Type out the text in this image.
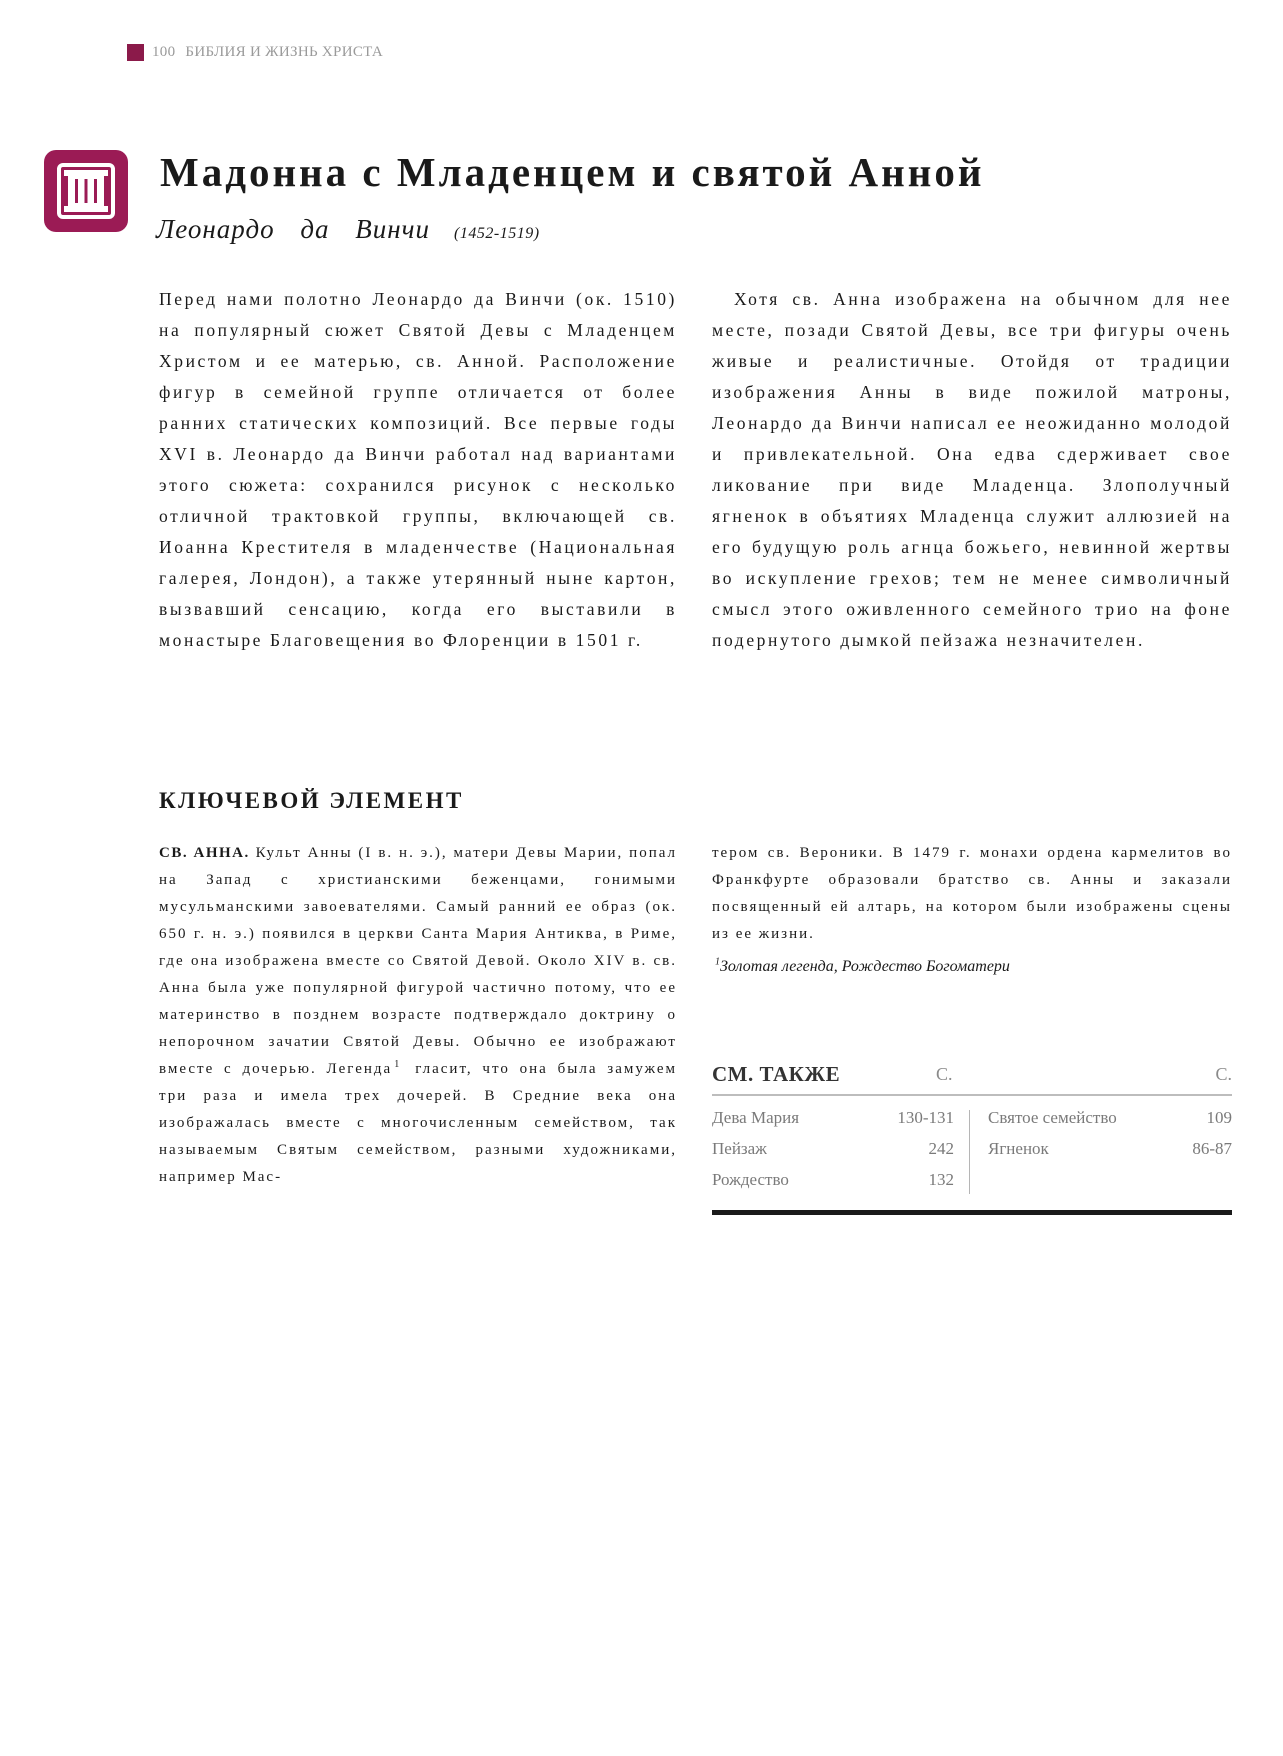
100 БИБЛИЯ И ЖИЗНЬ ХРИСТА
Мадонна с Младенцем и святой Анной
Леонардо да Винчи (1452-1519)

Перед нами полотно Леонардо да Винчи (ок. 1510) на популярный сюжет Святой Девы с Младенцем Христом и ее матерью, св. Анной. Расположение фигур в семейной группе отличается от более ранних статических композиций. Все первые годы XVI в. Леонардо да Винчи работал над вариантами этого сюжета: сохранился рисунок с несколько отличной трактовкой группы, включающей св. Иоанна Крестителя в младенчестве (Национальная галерея, Лондон), а также утерянный ныне картон, вызвавший сенсацию, когда его выставили в монастыре Благовещения во Флоренции в 1501 г.

Хотя св. Анна изображена на обычном для нее месте, позади Святой Девы, все три фигуры очень живые и реалистичные. Отойдя от традиции изображения Анны в виде пожилой матроны, Леонардо да Винчи написал ее неожиданно молодой и привлекательной. Она едва сдерживает свое ликование при виде Младенца. Злополучный ягненок в объятиях Младенца служит аллюзией на его будущую роль агнца божьего, невинной жертвы во искупление грехов; тем не менее символичный смысл этого оживленного семейного трио на фоне подернутого дымкой пейзажа незначителен.

КЛЮЧЕВОЙ ЭЛЕМЕНТ

СВ. АННА. Культ Анны (I в. н. э.), матери Девы Марии, попал на Запад с христианскими беженцами, гонимыми мусульманскими завоевателями. Самый ранний ее образ (ок. 650 г. н. э.) появился в церкви Санта Мария Антиква, в Риме, где она изображена вместе со Святой Девой. Около XIV в. св. Анна была уже популярной фигурой частично потому, что ее материнство в позднем возрасте подтверждало доктрину о непорочном зачатии Святой Девы. Обычно ее изображают вместе с дочерью. Легенда $^1$ гласит, что она была замужем три раза и имела трех дочерей. В Средние века она изображалась вместе с многочисленным семейством, так называемым Святым семейством, разными художниками, например Мас-

тером св. Вероники. В 1479 г. монахи ордена кармелитов во Франкфурте образовали братство св. Анны и заказали посвященный ей алтарь, на котором были изображены сцены из ее жизни.

$^1$Золотая легенда, Рождество Богоматери
СМ. ТАКЖЕ	С.	С.
Дева Мария	130-131
Пейзаж	242
Рождество	132
Святое семейство	109
Ягненок	86-87
